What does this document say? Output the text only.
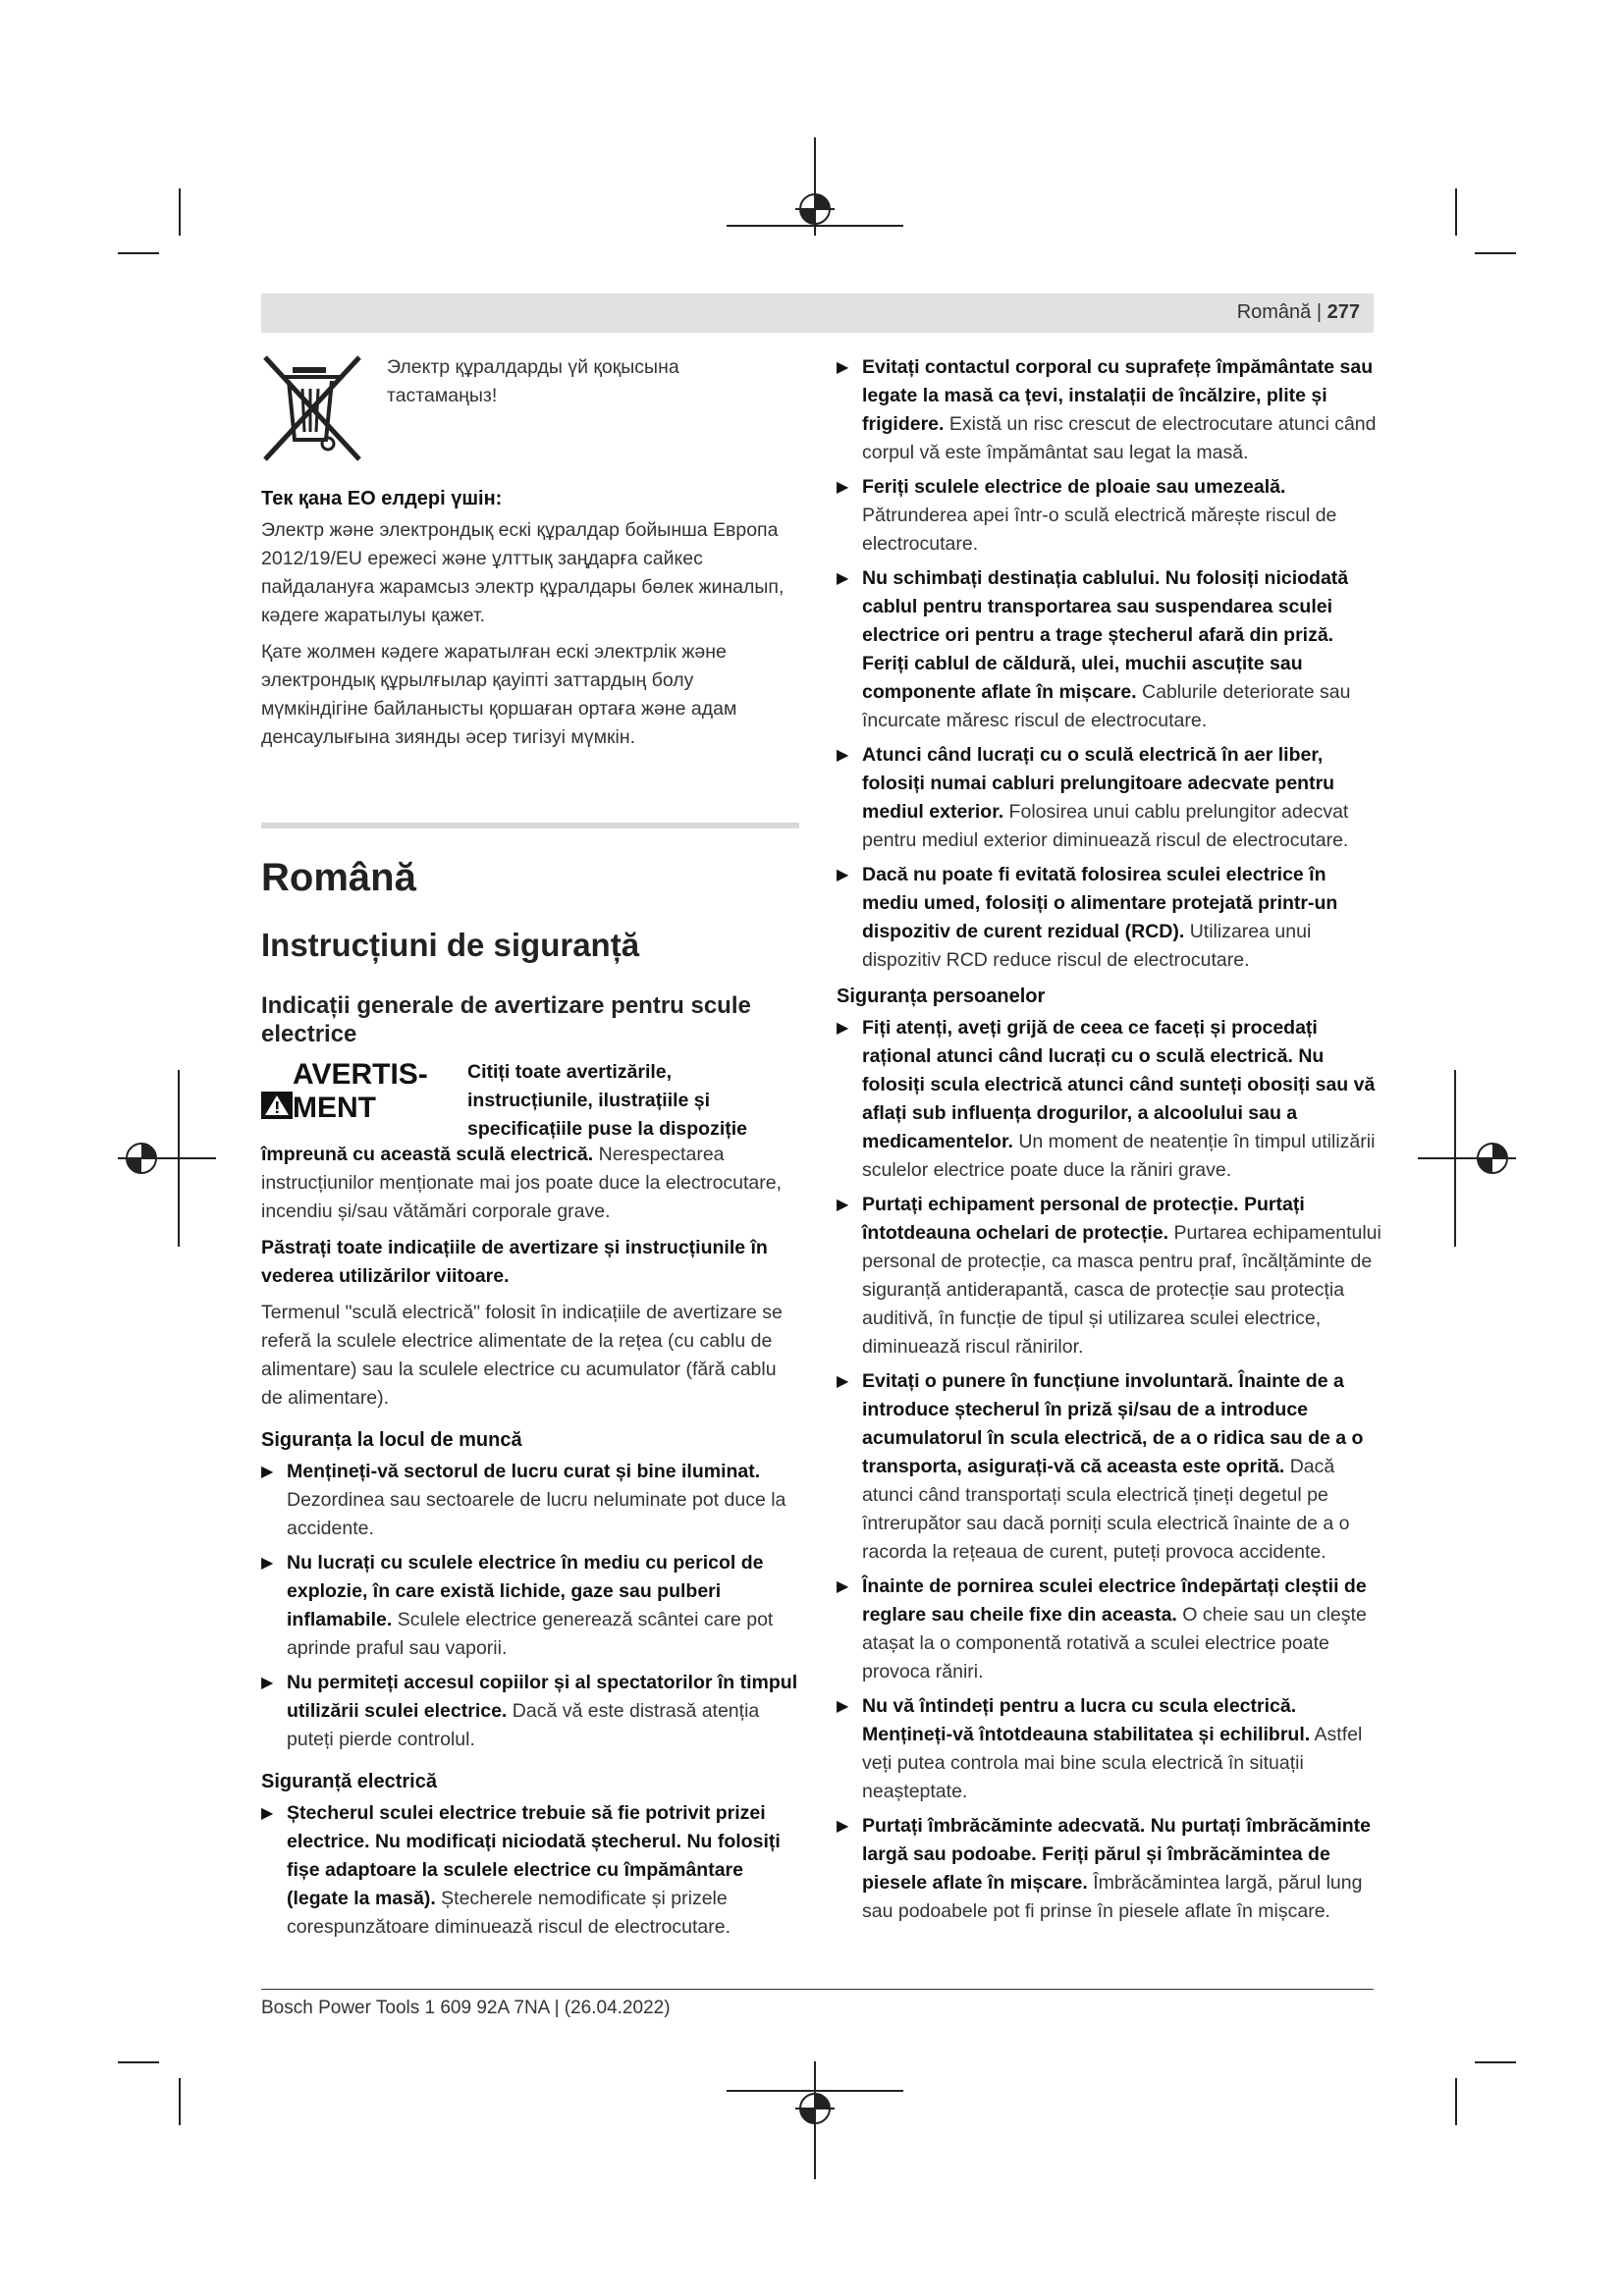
Română | 277
Электр құралдарды үй қоқысына тастамаңыз!

Тек қана ЕО елдері үшін:

Электр және электрондық ескі құралдар бойынша Европа 2012/19/EU ережесі және ұлттық заңдарға сайкес пайдалануға жарамсыз электр құралдары бөлек жиналып, кәдеге жаратылуы қажет.

Қате жолмен кәдеге жаратылған ескі электрлік және электрондық құрылғылар қауіпті заттардың болу мүмкіндігіне байланысты қоршаған ортаға және адам денсаулығына зиянды әсер тигізуі мүмкін.

Română
Instrucțiuni de siguranță
Indicații generale de avertizare pentru scule electrice
AVERTIS-MENT
Citiți toate avertizările, instrucțiunile, ilustrațiile și specificațiile puse la dispoziție

împreună cu această sculă electrică. Nerespectarea instrucțiunilor menționate mai jos poate duce la electrocutare, incendiu și/sau vătămări corporale grave.

Păstrați toate indicațiile de avertizare și instrucțiunile în vederea utilizărilor viitoare.

Termenul "sculă electrică" folosit în indicațiile de avertizare se referă la sculele electrice alimentate de la rețea (cu cablu de alimentare) sau la sculele electrice cu acumulator (fără cablu de alimentare).

Siguranța la locul de muncă

▶ Mențineți-vă sectorul de lucru curat și bine iluminat. Dezordinea sau sectoarele de lucru neluminate pot duce la accidente.
▶ Nu lucrați cu sculele electrice în mediu cu pericol de explozie, în care există lichide, gaze sau pulberi inflamabile. Sculele electrice generează scântei care pot aprinde praful sau vaporii.
▶ Nu permiteți accesul copiilor și al spectatorilor în timpul utilizării sculei electrice. Dacă vă este distrasă atenția puteți pierde controlul.

Siguranță electrică

▶ Ștecherul sculei electrice trebuie să fie potrivit prizei electrice. Nu modificați niciodată ștecherul. Nu folosiți fișe adaptoare la sculele electrice cu împământare (legate la masă). Ștecherele nemodificate și prizele corespunzătoare diminuează riscul de electrocutare.
▶ Evitați contactul corporal cu suprafețe împământate sau legate la masă ca țevi, instalații de încălzire, plite și frigidere. Există un risc crescut de electrocutare atunci când corpul vă este împământat sau legat la masă.
▶ Feriți sculele electrice de ploaie sau umezeală. Pătrunderea apei într-o sculă electrică mărește riscul de electrocutare.
▶ Nu schimbați destinația cablului. Nu folosiți niciodată cablul pentru transportarea sau suspendarea sculei electrice ori pentru a trage ștecherul afară din priză. Feriți cablul de căldură, ulei, muchii ascuțite sau componente aflate în mișcare. Cablurile deteriorate sau încurcate măresc riscul de electrocutare.
▶ Atunci când lucrați cu o sculă electrică în aer liber, folosiți numai cabluri prelungitoare adecvate pentru mediul exterior. Folosirea unui cablu prelungitor adecvat pentru mediul exterior diminuează riscul de electrocutare.
▶ Dacă nu poate fi evitată folosirea sculei electrice în mediu umed, folosiți o alimentare protejată printr-un dispozitiv de curent rezidual (RCD). Utilizarea unui dispozitiv RCD reduce riscul de electrocutare.

Siguranța persoanelor

▶ Fiți atenți, aveți grijă de ceea ce faceți și procedați rațional atunci când lucrați cu o sculă electrică. Nu folosiți scula electrică atunci când sunteți obosiți sau vă aflați sub influența drogurilor, a alcoolului sau a medicamentelor. Un moment de neatenție în timpul utilizării sculelor electrice poate duce la răniri grave.
▶ Purtați echipament personal de protecție. Purtați întotdeauna ochelari de protecție. Purtarea echipamentului personal de protecție, ca masca pentru praf, încălțăminte de siguranță antiderapantă, casca de protecție sau protecția auditivă, în funcție de tipul și utilizarea sculei electrice, diminuează riscul rănirilor.
▶ Evitați o punere în funcțiune involuntară. Înainte de a introduce ștecherul în priză și/sau de a introduce acumulatorul în scula electrică, de a o ridica sau de a o transporta, asigurați-vă că aceasta este oprită. Dacă atunci când transportați scula electrică țineți degetul pe întrerupător sau dacă porniți scula electrică înainte de a o racorda la rețeaua de curent, puteți provoca accidente.
▶ Înainte de pornirea sculei electrice îndepărtați cleștii de reglare sau cheile fixe din aceasta. O cheie sau un cleşte atașat la o componentă rotativă a sculei electrice poate provoca răniri.
▶ Nu vă întindeți pentru a lucra cu scula electrică. Mențineți-vă întotdeauna stabilitatea și echilibrul. Astfel veți putea controla mai bine scula electrică în situații neașteptate.
▶ Purtați îmbrăcăminte adecvată. Nu purtați îmbrăcăminte largă sau podoabe. Feriți părul și îmbrăcămintea de piesele aflate în mișcare. Îmbrăcămintea largă, părul lung sau podoabele pot fi prinse în piesele aflate în mișcare.
Bosch Power Tools 1 609 92A 7NA | (26.04.2022)
